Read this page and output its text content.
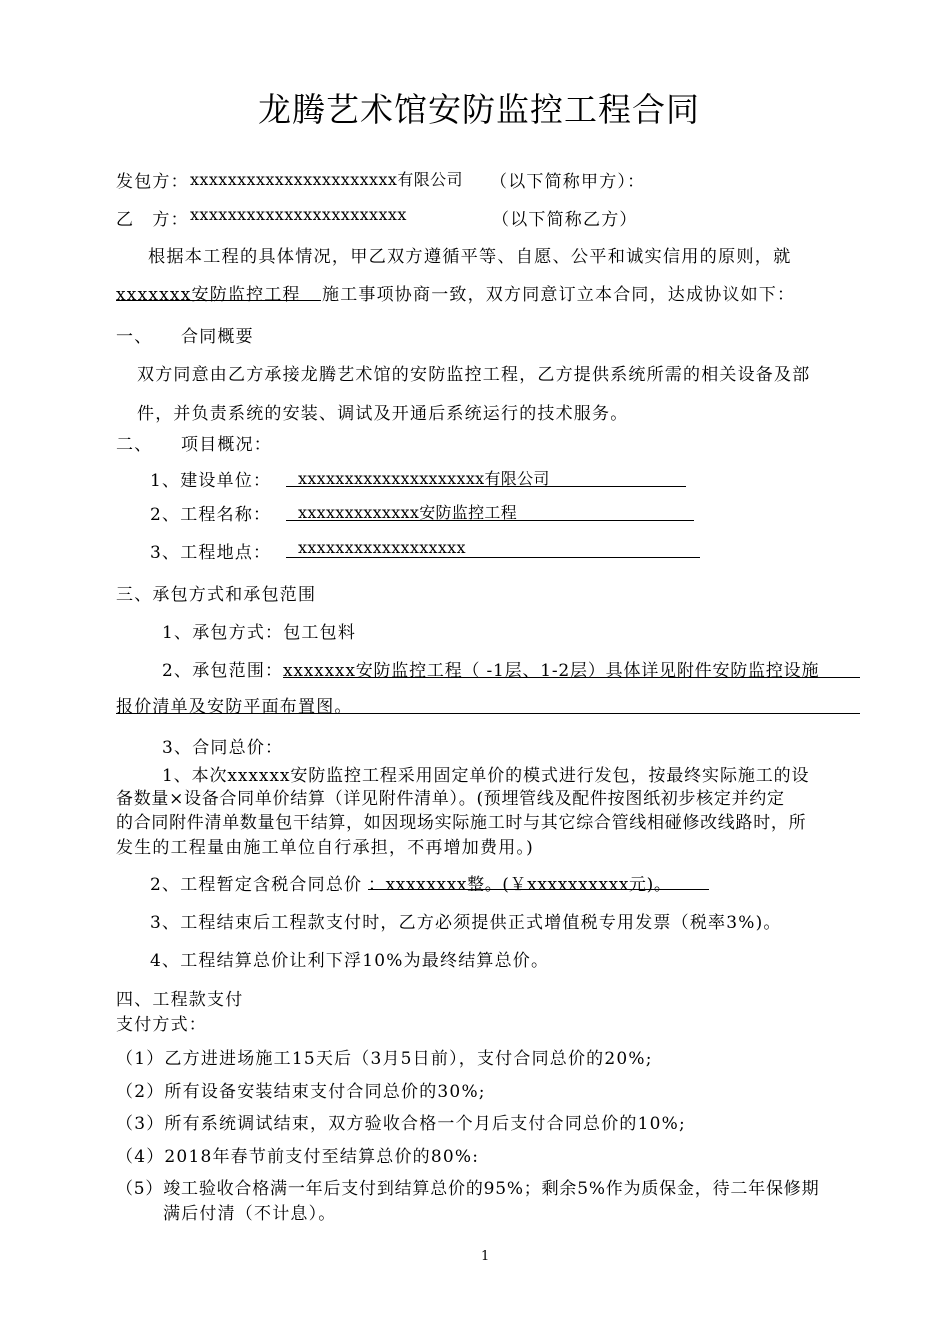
龙腾艺术馆安防监控工程合同
发包方： xxxxxxxxxxxxxxxxxxxxxx有限公司 （以下简称甲方）：
乙　方： xxxxxxxxxxxxxxxxxxxxxxx	（以下简称乙方）
根据本工程的具体情况，甲乙双方遵循平等、自愿、公平和诚实信用的原则，就
xxxxxxx安防监控工程 施工事项协商一致，双方同意订立本合同，达成协议如下：
一、 合同概要
双方同意由乙方承接龙腾艺术馆的安防监控工程，乙方提供系统所需的相关设备及部
件，并负责系统的安装、调试及开通后系统运行的技术服务。
二、 项目概况：
1、建设单位： xxxxxxxxxxxxxxxxxxxx有限公司
2、工程名称： xxxxxxxxxxxxx安防监控工程
3、工程地点： xxxxxxxxxxxxxxxxxx
三、承包方式和承包范围
1、承包方式：包工包料
2、承包范围： xxxxxxx安防监控工程（ -1层、1-2层）具体详见附件安防监控设施
报价清单及安防平面布置图。
3、合同总价：
1、本次xxxxxx安防监控工程采用固定单价的模式进行发包，按最终实际施工的设
备数量×设备合同单价结算（详见附件清单）。(预埋管线及配件按图纸初步核定并约定
的合同附件清单数量包干结算，如因现场实际施工时与其它综合管线相碰修改线路时，所
发生的工程量由施工单位自行承担，不再增加费用。)
2、工程暂定含税合同总价 ：xxxxxxxx整。(￥xxxxxxxxxx元)。
3、工程结束后工程款支付时，乙方必须提供正式增值税专用发票（税率3%)。
4、工程结算总价让利下浮10%为最终结算总价。
四、工程款支付
支付方式：
（1）乙方进进场施工15天后（3月5日前），支付合同总价的20%;
（2）所有设备安装结束支付合同总价的30%;
（3）所有系统调试结束，双方验收合格一个月后支付合同总价的10%;
（4）2018年春节前支付至结算总价的80%:
（5）竣工验收合格满一年后支付到结算总价的95%；剩余5%作为质保金，待二年保修期
满后付清（不计息）。
1
